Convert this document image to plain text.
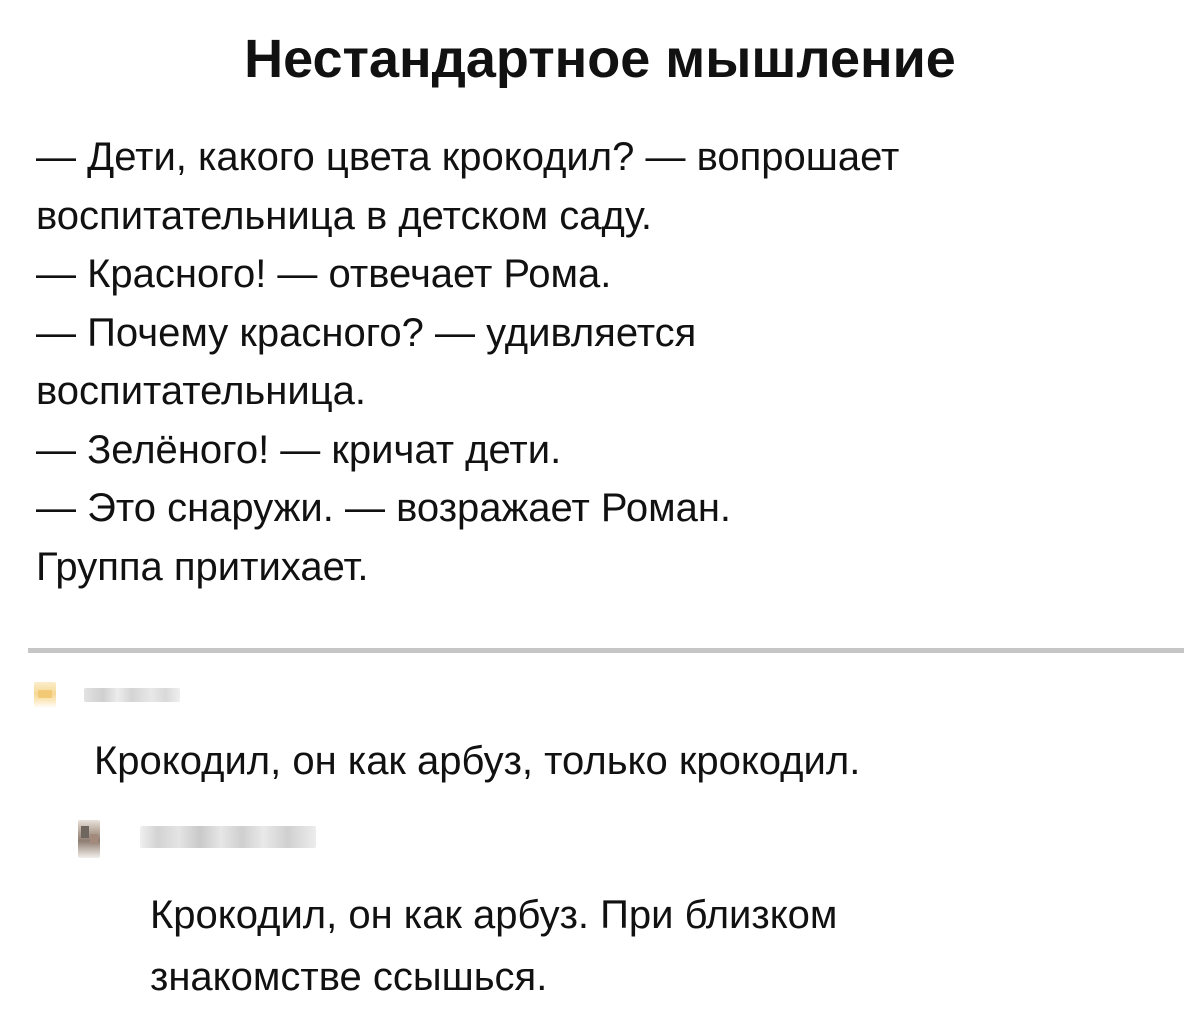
Нестандартное мышление
— Дети, какого цвета крокодил? — вопрошает
воспитательница в детском саду.
— Красного! — отвечает Рома.
— Почему красного? — удивляется
воспитательница.
— Зелёного! — кричат дети.
— Это снаружи. — возражает Роман.
Группа притихает.
Крокодил, он как арбуз, только крокодил.
Крокодил, он как арбуз. При близком
знакомстве ссышься.
